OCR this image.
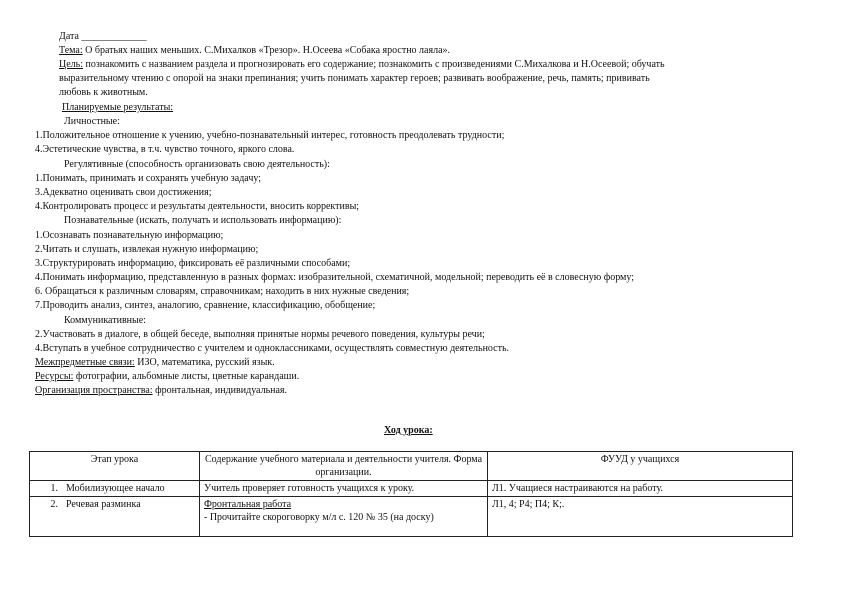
Дата _____________
Тема: О братьях наших меньших. С.Михалков «Трезор». Н.Осеева «Собака яростно лаяла».
Цель: познакомить с названием раздела и прогнозировать его содержание; познакомить с произведениями С.Михалкова и Н.Осеевой; обучать
выразительному чтению с опорой на знаки препинания; учить понимать характер героев; развивать воображение, речь, память; прививать
любовь к животным.
Планируемые результаты:
Личностные:
1.Положительное отношение к учению, учебно-познавательный интерес, готовность преодолевать трудности;
4.Эстетические чувства, в т.ч. чувство точного, яркого слова.
Регулятивные (способность организовать свою деятельность):
1.Понимать, принимать и сохранять учебную задачу;
3.Адекватно оценивать свои достижения;
4.Контролировать процесс и результаты деятельности, вносить коррективы;
Познавательные (искать, получать и использовать информацию):
1.Осознавать познавательную информацию;
2.Читать и слушать, извлекая нужную информацию;
3.Структурировать информацию, фиксировать её различными способами;
4.Понимать информацию, представленную в разных формах: изобразительной, схематичной, модельной; переводить её в словесную форму;
6. Обращаться к различным словарям, справочникам; находить в них нужные сведения;
7.Проводить анализ, синтез, аналогию, сравнение, классификацию, обобщение;
Коммуникативные:
2.Участвовать в диалоге, в общей беседе, выполняя принятые нормы речевого поведения, культуры речи;
4.Вступать в учебное сотрудничество с учителем и одноклассниками, осуществлять совместную деятельность.
Межпредметные связи: ИЗО, математика, русский язык.
Ресурсы: фотографии, альбомные листы, цветные карандаши.
Организация пространства: фронтальная, индивидуальная.
Ход урока:
Этап урока	Содержание учебного материала и деятельности учителя. Форма организации.	ФУУД у учащихся
1. Мобилизующее начало	Учитель проверяет готовность учащихся к уроку.	Л1. Учащиеся настраиваются на работу.
2. Речевая разминка	Фронтальная работа
- Прочитайте скороговорку м/л с. 120 № 35 (на доску)	Л1, 4; Р4; П4; К;.
